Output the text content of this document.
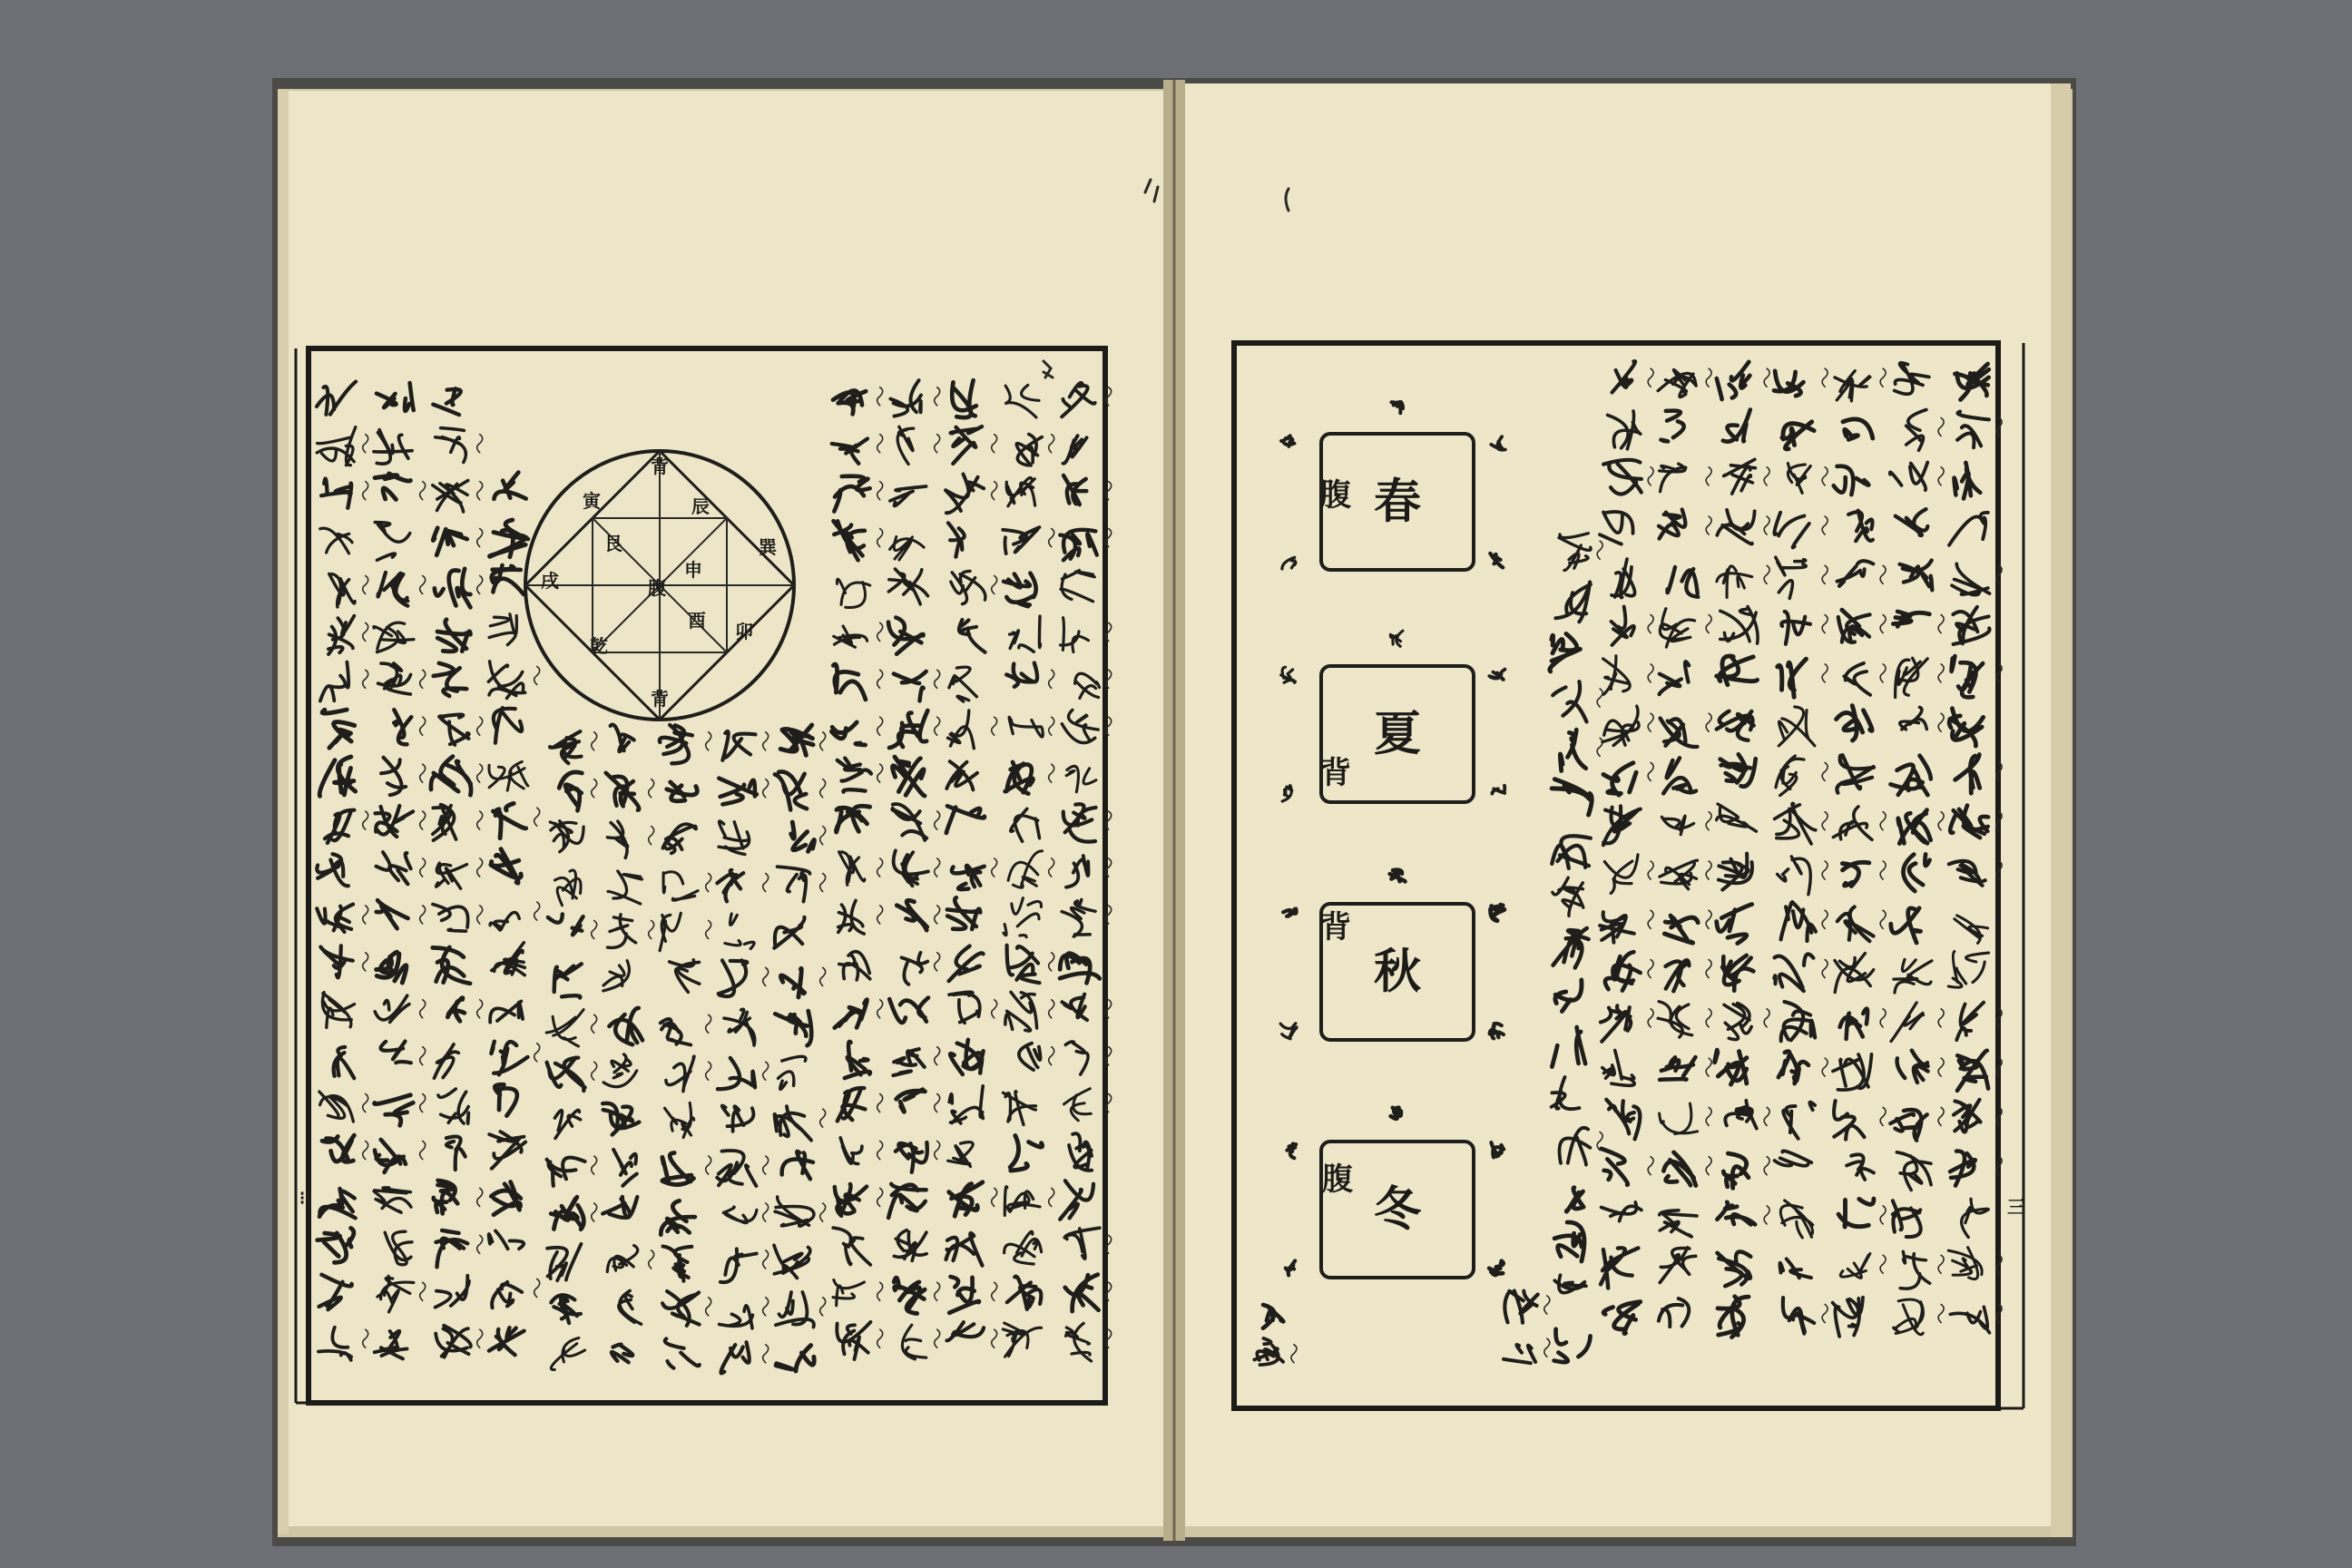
⁝
背
辰
巽
卯
腹
艮
背
乾
戌	申
酉
寅
三
春
腹
夏
背
秋
背
冬
腹
